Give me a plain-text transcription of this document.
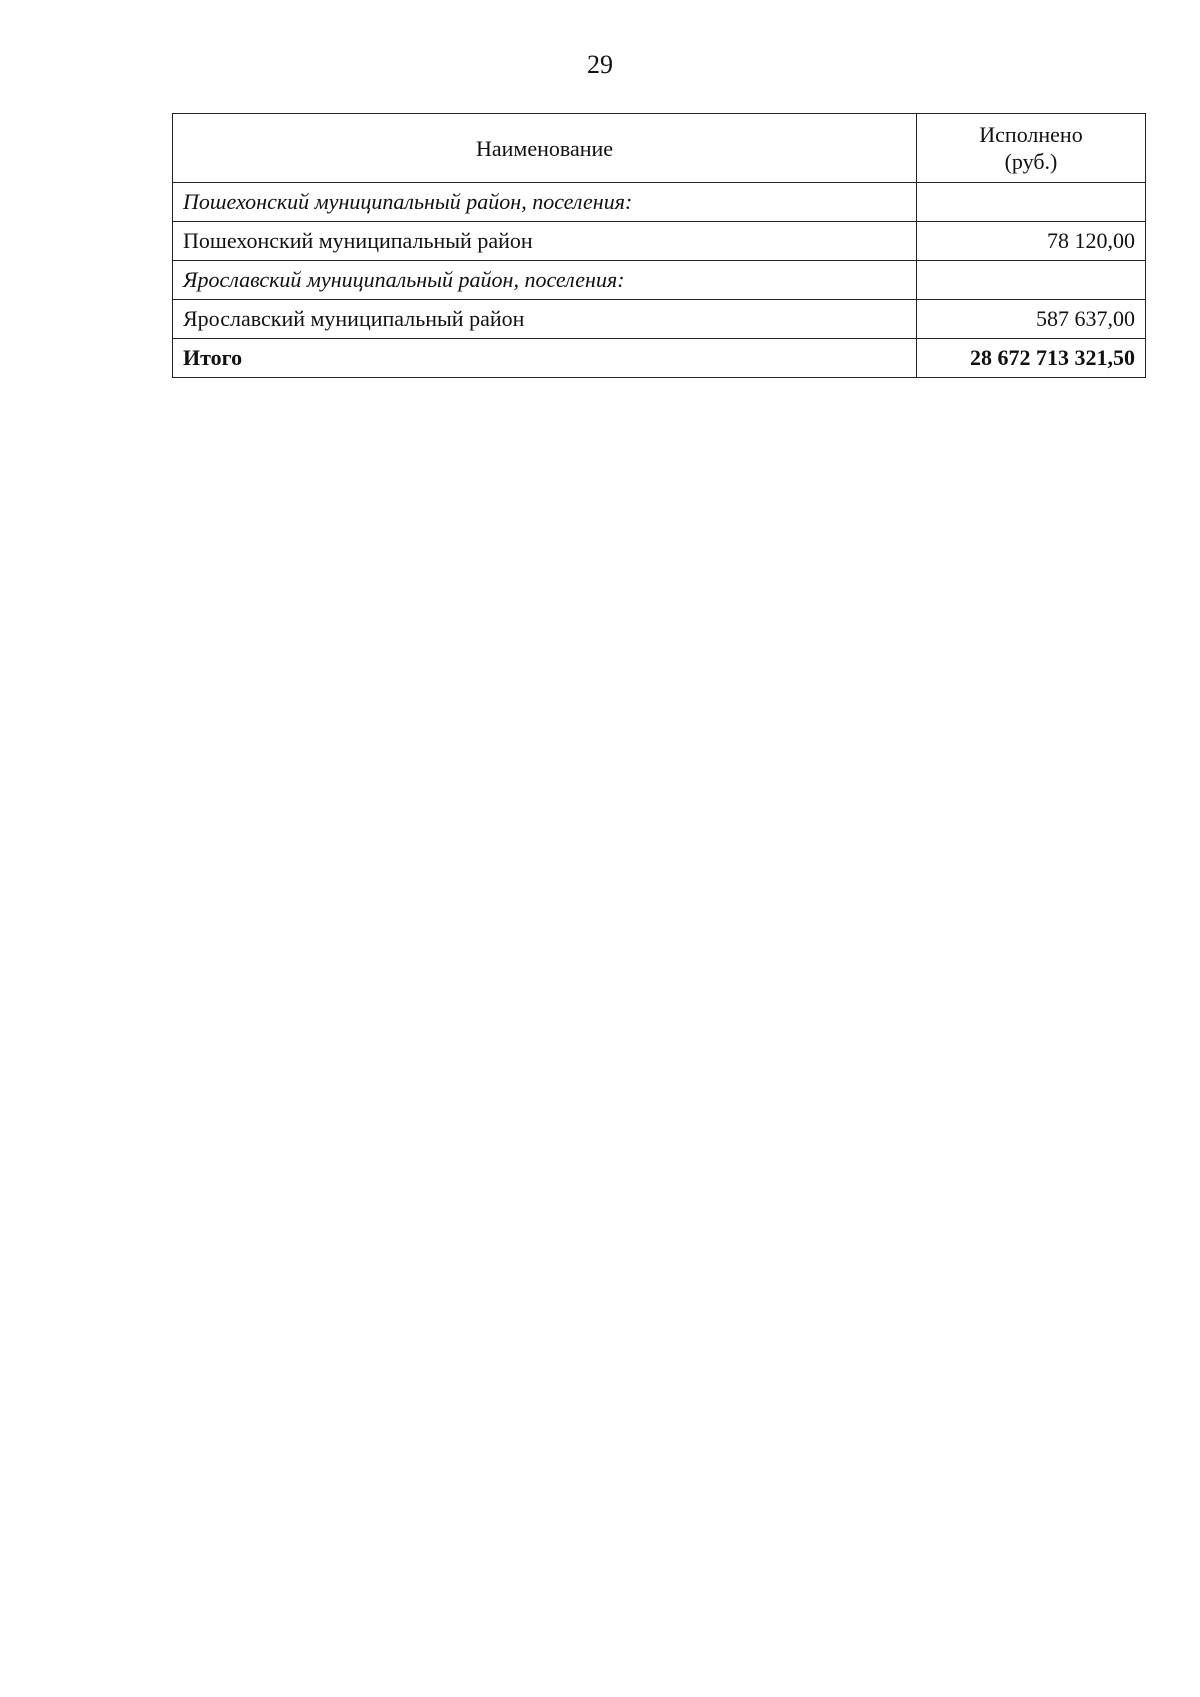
29
Наименование	Исполнено
(руб.)

Пошехонский муниципальный район, поселения:	
Пошехонский муниципальный район	78 120,00
Ярославский муниципальный район, поселения:	
Ярославский муниципальный район	587 637,00
Итого	28 672 713 321,50
